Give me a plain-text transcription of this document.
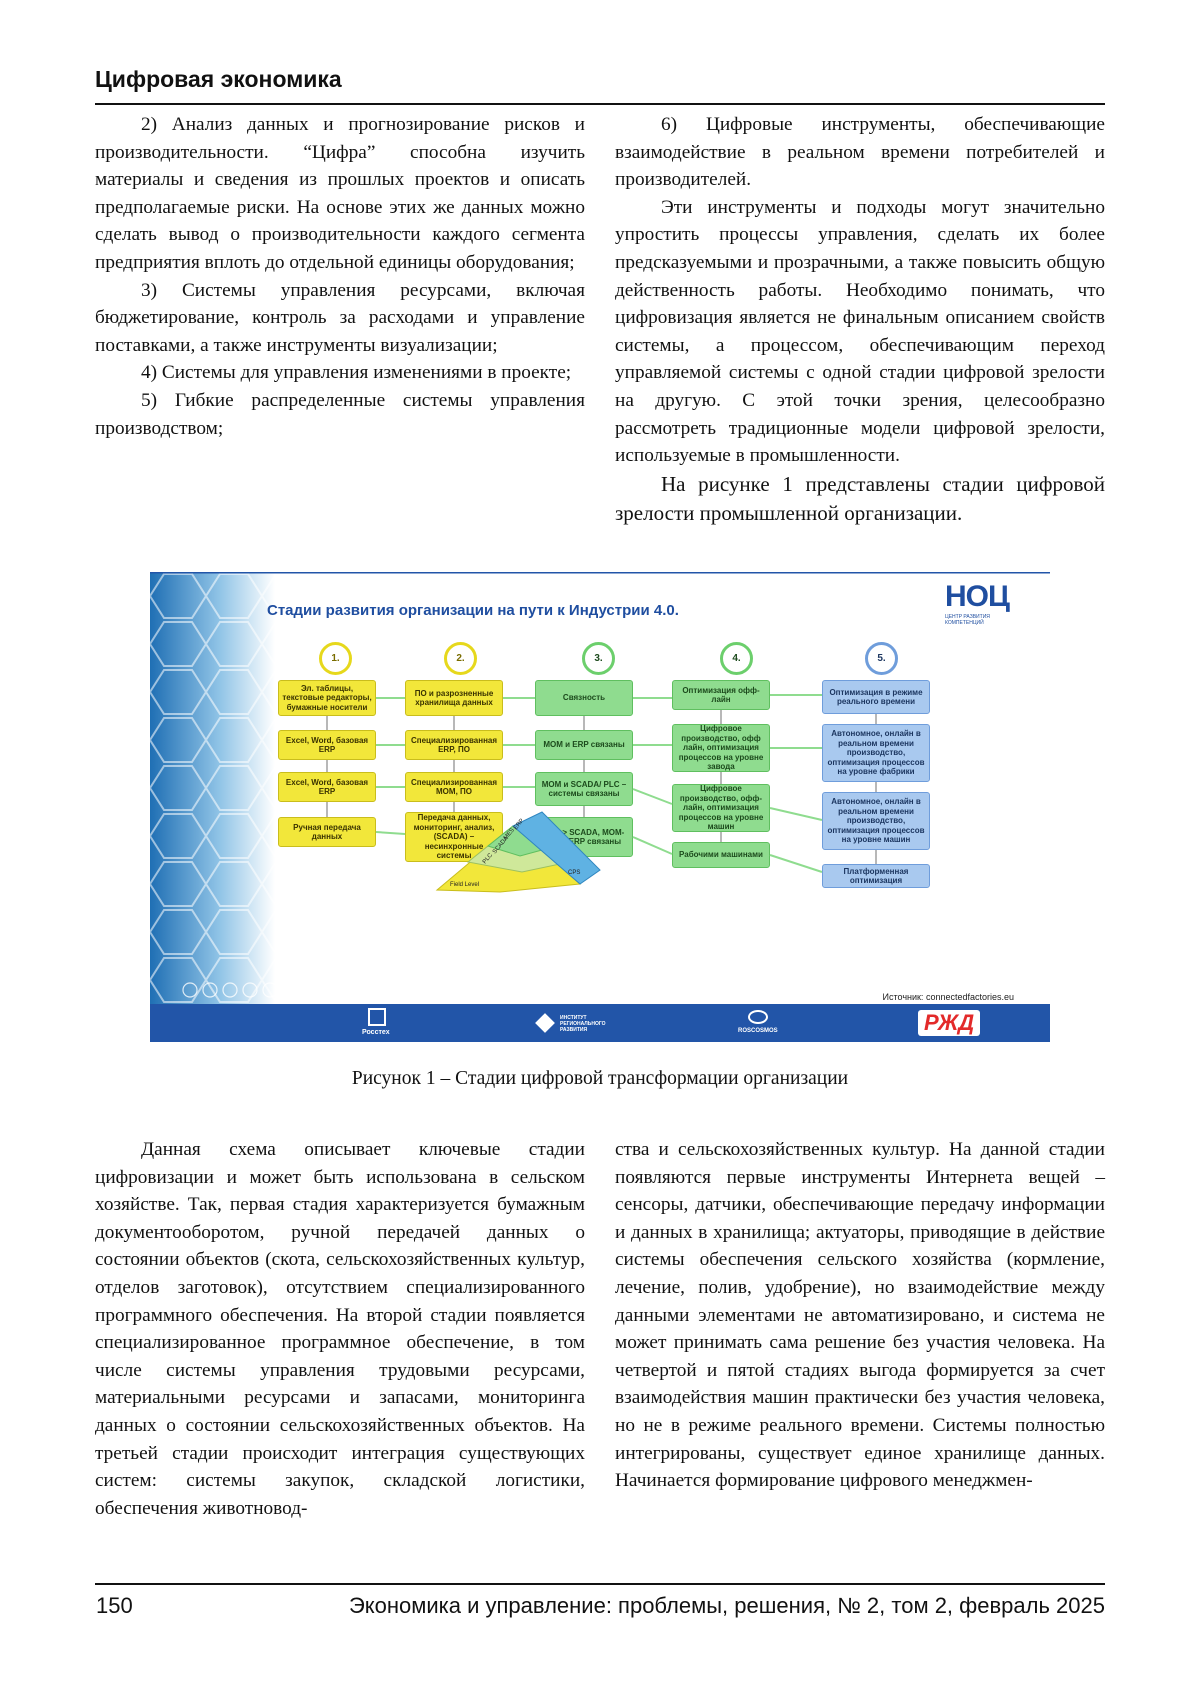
Цифровая экономика

2) Анализ данных и прогнозирование рисков и производительности. “Цифра” способна изучить материалы и сведения из прошлых проектов и описать предполагаемые риски. На основе этих же данных можно сделать вывод о производительности каждого сегмента предприятия вплоть до отдельной единицы оборудования;

3) Системы управления ресурсами, включая бюджетирование, контроль за расходами и управление поставками, а также инструменты визуализации;

4) Системы для управления изменениями в проекте;

5) Гибкие распределенные системы управления производством;

6) Цифровые инструменты, обеспечивающие взаимодействие в реальном времени потребителей и производителей.

Эти инструменты и подходы могут значительно упростить процессы управления, сделать их более предсказуемыми и прозрачными, а также повысить общую действенность работы. Необходимо понимать, что цифровизация является не финальным описанием свойств системы, а процессом, обеспечивающим переход управляемой системы с одной стадии цифровой зрелости на другую. С этой точки зрения, целесообразно рассмотреть традиционные модели цифровой зрелости, используемые в промышленности.

На рисунке 1 представлены стадии цифровой зрелости промышленной организации.

Стадии развития организации на пути к Индустрии 4.0.	НОЦ
ЦЕНТР РАЗВИТИЯ КОМПЕТЕНЦИЙ
1.	2.	3.	4.	5.
Эл. таблицы, текстовые редакторы, бумажные носители
Excel, Word, базовая ERP
Excel, Word, базовая ERP
Ручная передача данных
ПО и разрозненные хранилища данных
Специализированная ERP, ПО
Специализированная MOM, ПО
Передача данных, мониторинг, анализ, (SCADA) – несинхронные системы
Связность
MOM и ERP связаны
MOM и SCADA/ PLC – системы связаны
IoT –> SCADA, MOM-MES, ERP связаны
Оптимизация офф-лайн
Цифровое производство, офф лайн, оптимизация процессов на уровне завода
Цифровое производство, офф-лайн, оптимизация процессов на уровне машин
Рабочими машинами
Оптимизация в режиме реального времени
Автономное, онлайн в реальном времени производство, оптимизация процессов на уровне фабрики
Автономное, онлайн в реальном времени производство, оптимизация процессов на уровне машин
Платформенная оптимизация
Field Level
PLC
SCADA
MES
ERP
CPS
Источник: connectedfactories.eu
Росстех
ИНСТИТУТ РЕГИОНАЛЬНОГО РАЗВИТИЯ	ROSCOSMOS	РЖД
Рисунок 1 – Стадии цифровой трансформации организации

Данная схема описывает ключевые стадии цифровизации и может быть использована в сельском хозяйстве. Так, первая стадия характеризуется бумажным документооборотом, ручной передачей данных о состоянии объектов (скота, сельскохозяйственных культур, отделов заготовок), отсутствием специализированного программного обеспечения. На второй стадии появляется специализированное программное обеспечение, в том числе системы управления трудовыми ресурсами, материальными ресурсами и запасами, мониторинга данных о состоянии сельскохозяйственных объектов. На третьей стадии происходит интеграция существующих систем: системы закупок, складской логистики, обеспечения животновод-

ства и сельскохозяйственных культур. На данной стадии появляются первые инструменты Интернета вещей – сенсоры, датчики, обеспечивающие передачу информации и данных в хранилища; актуаторы, приводящие в действие системы обеспечения сельского хозяйства (кормление, лечение, полив, удобрение), но взаимодействие между данными элементами не автоматизировано, и система не может принимать сама решение без участия человека. На четвертой и пятой стадиях выгода формируется за счет взаимодействия машин практически без участия человека, но не в режиме реального времени. Системы полностью интегрированы, существует единое хранилище данных. Начинается формирование цифрового менеджмен-

150	Экономика и управление: проблемы, решения, № 2, том 2, февраль 2025
